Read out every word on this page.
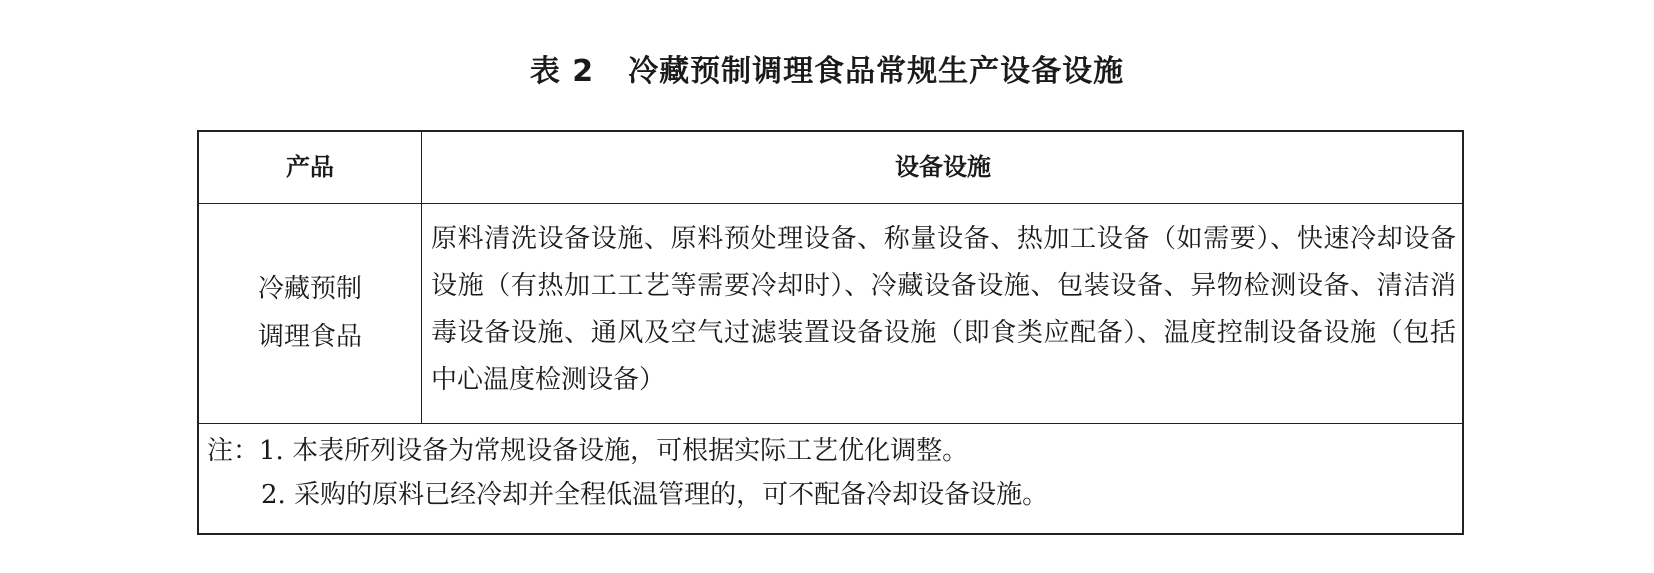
表 2 冷藏预制调理食品常规生产设备设施
产品	设备设施
冷藏预制
调理食品
原料清洗设备设施、原料预处理设备、称量设备、热加工设备（如需要）、快速冷却设备设施（有热加工工艺等需要冷却时）、冷藏设备设施、包装设备、异物检测设备、清洁消毒设备设施、通风及空气过滤装置设备设施（即食类应配备）、温度控制设备设施（包括中心温度检测设备）
注：1. 本表所列设备为常规设备设施，可根据实际工艺优化调整。
2. 采购的原料已经冷却并全程低温管理的，可不配备冷却设备设施。
